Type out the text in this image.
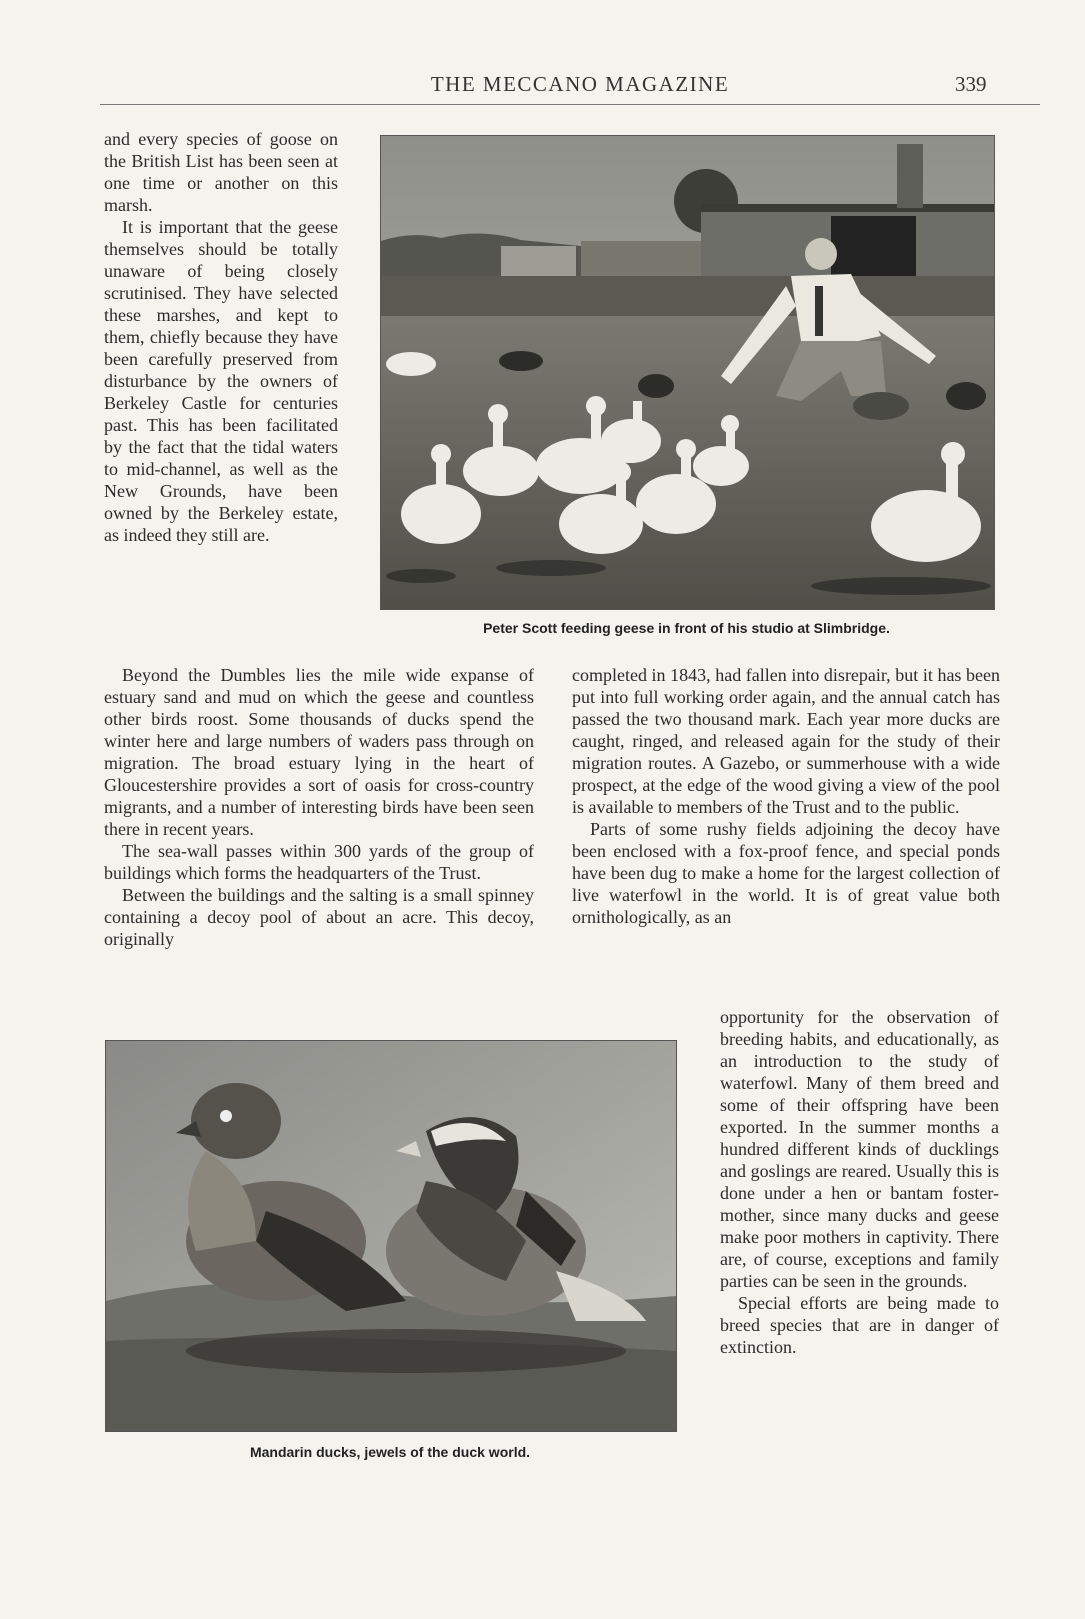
THE MECCANO MAGAZINE	339

and every species of goose on the British List has been seen at one time or another on this marsh.

It is important that the geese themselves should be totally unaware of being closely scrutinised. They have selected these marshes, and kept to them, chiefly because they have been carefully preserved from disturbance by the owners of Berkeley Castle for centuries past. This has been facilitated by the fact that the tidal waters to mid-channel, as well as the New Grounds, have been owned by the Berkeley estate, as indeed they still are.

Peter Scott feeding geese in front of his studio at Slimbridge.

Beyond the Dumbles lies the mile wide expanse of estuary sand and mud on which the geese and countless other birds roost. Some thousands of ducks spend the winter here and large numbers of waders pass through on migration. The broad estuary lying in the heart of Gloucestershire provides a sort of oasis for cross-country migrants, and a number of interesting birds have been seen there in recent years.

The sea-wall passes within 300 yards of the group of buildings which forms the headquarters of the Trust.

Between the buildings and the salting is a small spinney containing a decoy pool of about an acre. This decoy, originally

completed in 1843, had fallen into disrepair, but it has been put into full working order again, and the annual catch has passed the two thousand mark. Each year more ducks are caught, ringed, and released again for the study of their migration routes. A Gazebo, or summerhouse with a wide prospect, at the edge of the wood giving a view of the pool is available to members of the Trust and to the public.

Parts of some rushy fields adjoining the decoy have been enclosed with a fox-proof fence, and special ponds have been dug to make a home for the largest collection of live waterfowl in the world. It is of great value both ornithologically, as an

Mandarin ducks, jewels of the duck world.

opportunity for the observation of breeding habits, and educationally, as an introduction to the study of waterfowl. Many of them breed and some of their offspring have been exported. In the summer months a hundred different kinds of ducklings and goslings are reared. Usually this is done under a hen or bantam foster-mother, since many ducks and geese make poor mothers in captivity. There are, of course, exceptions and family parties can be seen in the grounds.

Special efforts are being made to breed species that are in danger of extinction.
